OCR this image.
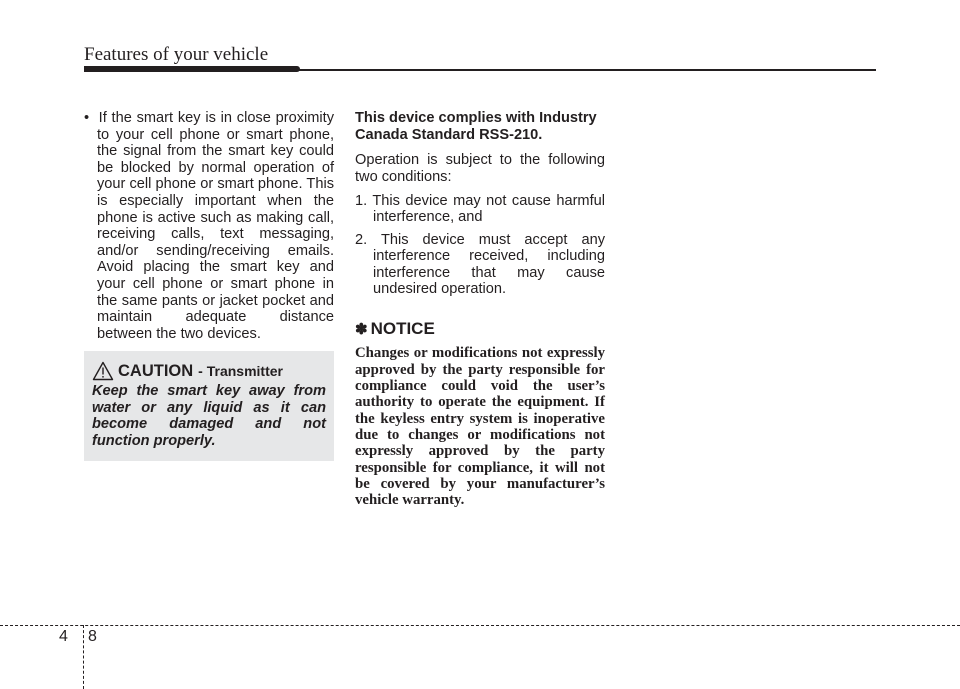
Features of your vehicle

•  If the smart key is in close proximity to your cell phone or smart phone, the signal from the smart key could be blocked by normal operation of your cell phone or smart phone. This is especially important when the phone is active such as making call, receiving calls, text messaging, and/or sending/receiving emails. Avoid placing the smart key and your cell phone or smart phone in the same pants or jacket pocket and maintain adequate distance between the two devices.

CAUTION - Transmitter

Keep the smart key away from water or any liquid as it can become damaged and not function properly.

This device complies with Industry Canada Standard RSS-210.

Operation is subject to the following two conditions:

1. This device may not cause harmful interference, and
2. This device must accept any interference received, including interference that may cause undesired operation.
✽ NOTICE

Changes or modifications not expressly approved by the party responsible for compliance could void the user’s authority to operate the equipment. If the keyless entry system is inoperative due to changes or modifications not expressly approved by the party responsible for compliance, it will not be covered by your manufacturer’s vehicle warranty.

4 8
